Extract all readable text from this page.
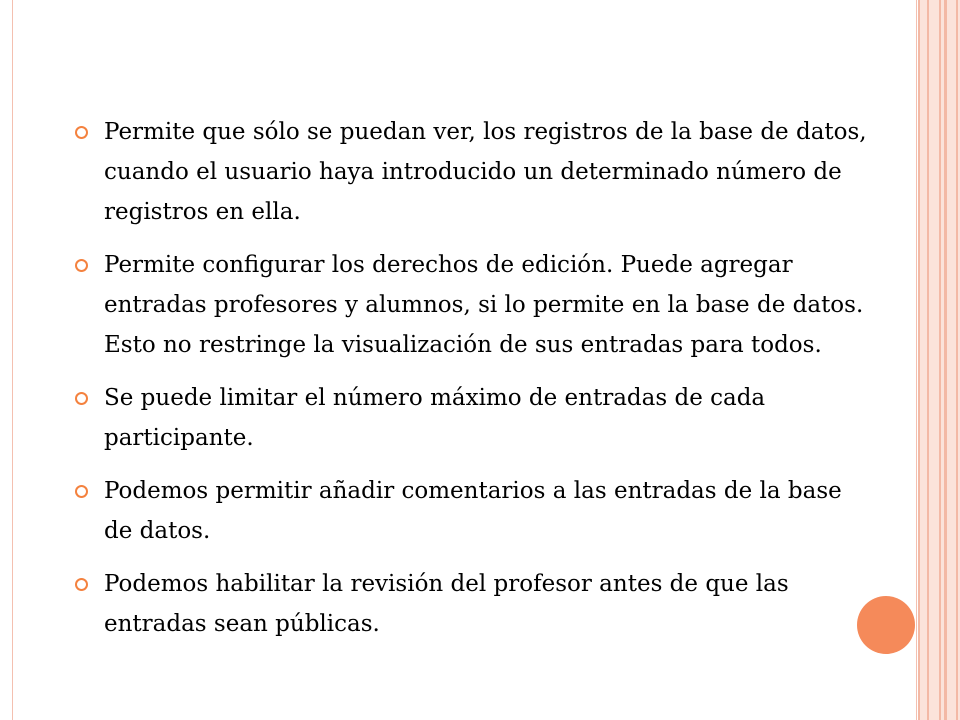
Permite que sólo se puedan ver, los registros de la base de datos, cuando el usuario haya introducido un determinado número de registros en ella.
Permite configurar los derechos de edición. Puede agregar entradas profesores y alumnos, si lo permite en la base de datos. Esto no restringe la visualización de sus entradas para todos.
Se puede limitar el número máximo de entradas de cada participante.
Podemos permitir añadir comentarios a las entradas de la base de datos.
Podemos habilitar la revisión del profesor antes de que las entradas sean públicas.
